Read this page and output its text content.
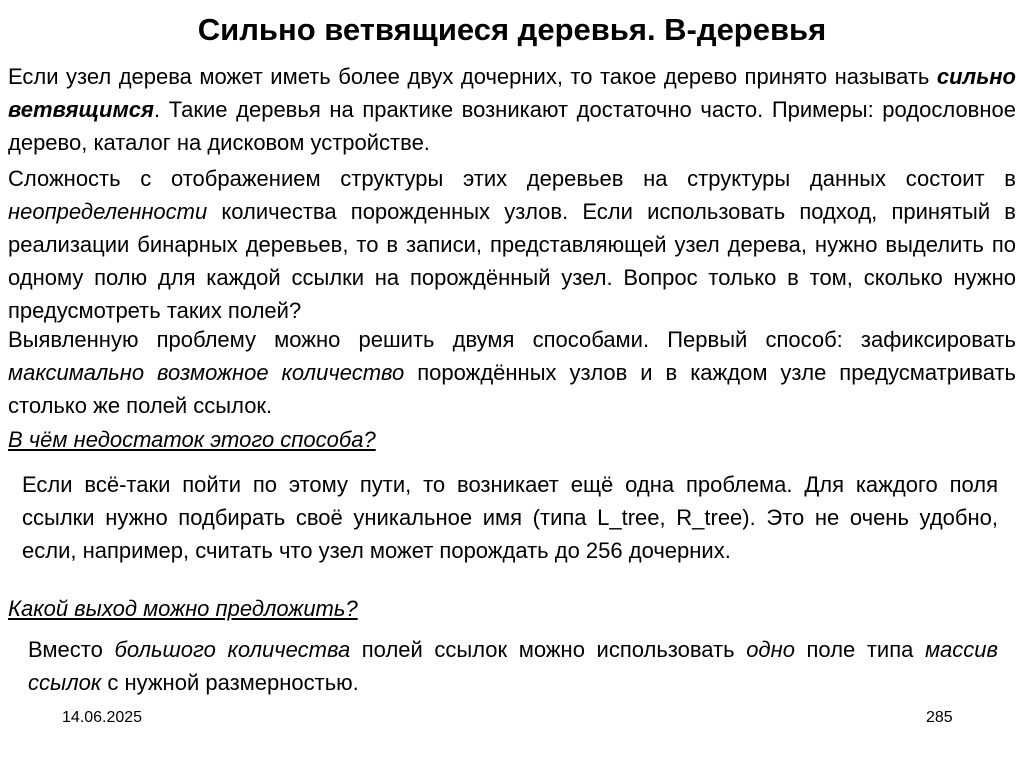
Сильно ветвящиеся деревья. В-деревья

Если узел дерева может иметь более двух дочерних, то такое дерево принято называть сильно ветвящимся. Такие деревья на практике возникают достаточно часто. Примеры: родословное дерево, каталог на дисковом устройстве.

Сложность с отображением структуры этих деревьев на структуры данных состоит в неопределенности количества порожденных узлов. Если использовать подход, принятый в реализации бинарных деревьев, то в записи, представляющей узел дерева, нужно выделить по одному полю для каждой ссылки на порождённый узел. Вопрос только в том, сколько нужно предусмотреть таких полей?

Выявленную проблему можно решить двумя способами. Первый способ: зафиксировать максимально возможное количество порождённых узлов и в каждом узле предусматривать столько же полей ссылок.

В чём недостаток этого способа?

Если всё-таки пойти по этому пути, то возникает ещё одна проблема. Для каждого поля ссылки нужно подбирать своё уникальное имя (типа L_tree, R_tree). Это не очень удобно, если, например, считать что узел может порождать до 256 дочерних.

Какой выход можно предложить?

Вместо большого количества полей ссылок можно использовать одно поле типа массив ссылок с нужной размерностью.

14.06.2025	285
